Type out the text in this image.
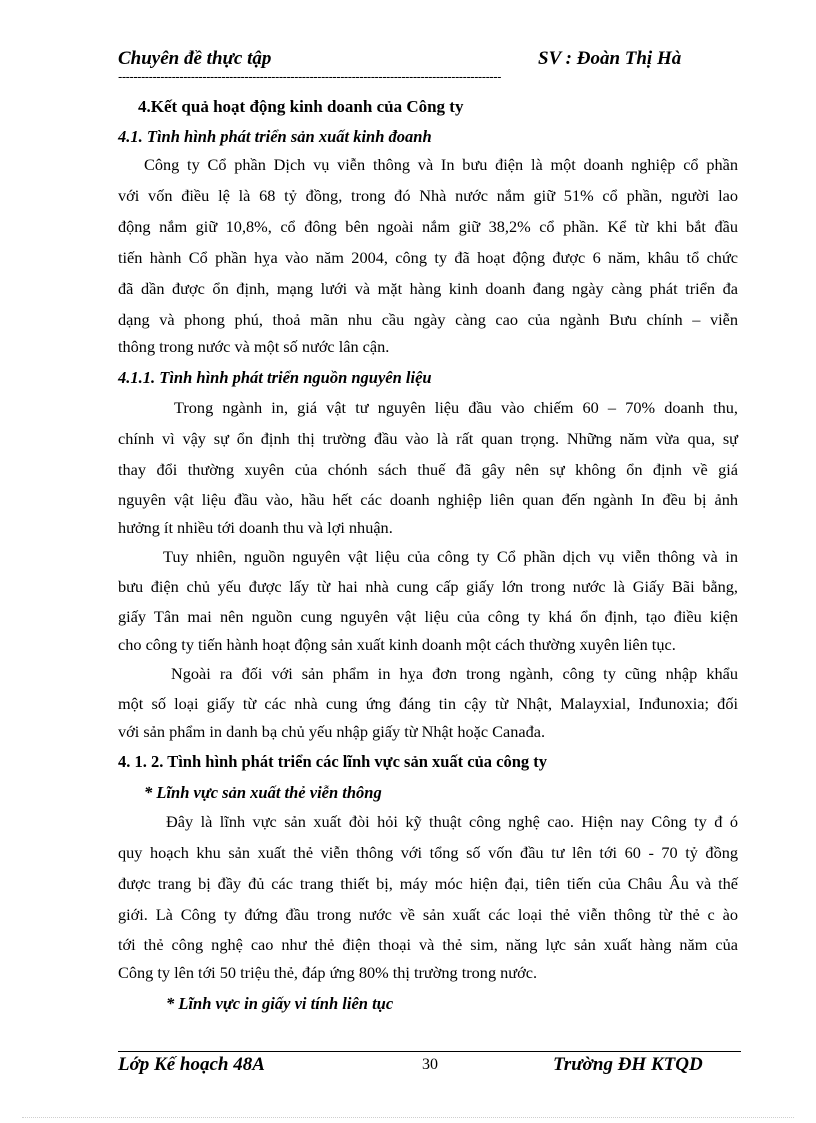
Chuyên đề thực tập	SV : Đoàn Thị Hà
----------------------------------------------------------------------------------------------------
4.Kết quả hoạt động kinh doanh của Công ty
4.1. Tình hình phát triển sản xuất kinh đoanh
Công ty Cổ phần Dịch vụ viễn thông và In bưu điện là một doanh nghiệp cổ phần
với vốn điều lệ là 68 tỷ đồng, trong đó Nhà nước nắm giữ 51% cổ phần, người lao
động nắm giữ 10,8%, cổ đông bên ngoài nắm giữ 38,2% cổ phần. Kể từ khi bắt đầu
tiến hành Cổ phần hỵa vào năm 2004, công ty đã hoạt động được 6 năm, khâu tổ chức
đã dần được ổn định, mạng lưới và mặt hàng kinh doanh đang ngày càng phát triển đa
dạng và phong phú, thoả mãn nhu cầu ngày càng cao của ngành Bưu chính – viễn
thông trong nước và một số nước lân cận.
4.1.1. Tình hình phát triển nguồn nguyên liệu
Trong ngành in, giá vật tư nguyên liệu đầu vào chiếm 60 – 70% doanh thu,
chính vì vậy sự ổn định thị trường đầu vào là rất quan trọng. Những năm vừa qua, sự
thay đổi thường xuyên của chónh sách thuế đã gây nên sự không ổn định về giá
nguyên vật liệu đầu vào, hầu hết các doanh nghiệp liên quan đến ngành In đều bị ảnh
hưởng ít nhiều tới doanh thu và lợi nhuận.
Tuy nhiên, nguồn nguyên vật liệu của công ty Cổ phần dịch vụ viễn thông và in
bưu điện chủ yếu được lấy từ hai nhà cung cấp giấy lớn trong nước là Giấy Bãi bằng,
giấy Tân mai nên nguồn cung nguyên vật liệu của công ty khá ổn định, tạo điều kiện
cho công ty tiến hành hoạt động sản xuất kinh doanh một cách thường xuyên liên tục.
Ngoài ra đối với sản phẩm in hỵa đơn trong ngành, công ty cũng nhập khẩu
một số loại giấy từ các nhà cung ứng đáng tin cậy từ Nhật, Malayxial, Inđunoxia; đối
với sản phẩm in danh bạ chủ yếu nhập giấy từ Nhật hoặc Canađa.
4. 1. 2. Tình hình phát triển các lĩnh vực sản xuất của công ty
* Lĩnh vực sản xuất thẻ viễn thông
Đây là lĩnh vực sản xuất đòi hỏi kỹ thuật công nghệ cao. Hiện nay Công ty đ ó
quy hoạch khu sản xuất thẻ viễn thông với tổng số vốn đầu tư lên tới 60 - 70 tỷ đồng
được trang bị đầy đủ các trang thiết bị, máy móc hiện đại, tiên tiến của Châu Âu và thế
giới. Là Công ty đứng đầu trong nước về sản xuất các loại thẻ viễn thông từ thẻ c ào
tới thẻ công nghệ cao như thẻ điện thoại và thẻ sim, năng lực sản xuất hàng năm của
Công ty lên tới 50 triệu thẻ, đáp ứng 80% thị trường trong nước.
* Lĩnh vực in giấy vi tính liên tục
Lớp Kế hoạch 48A	30	Trường ĐH KTQD
